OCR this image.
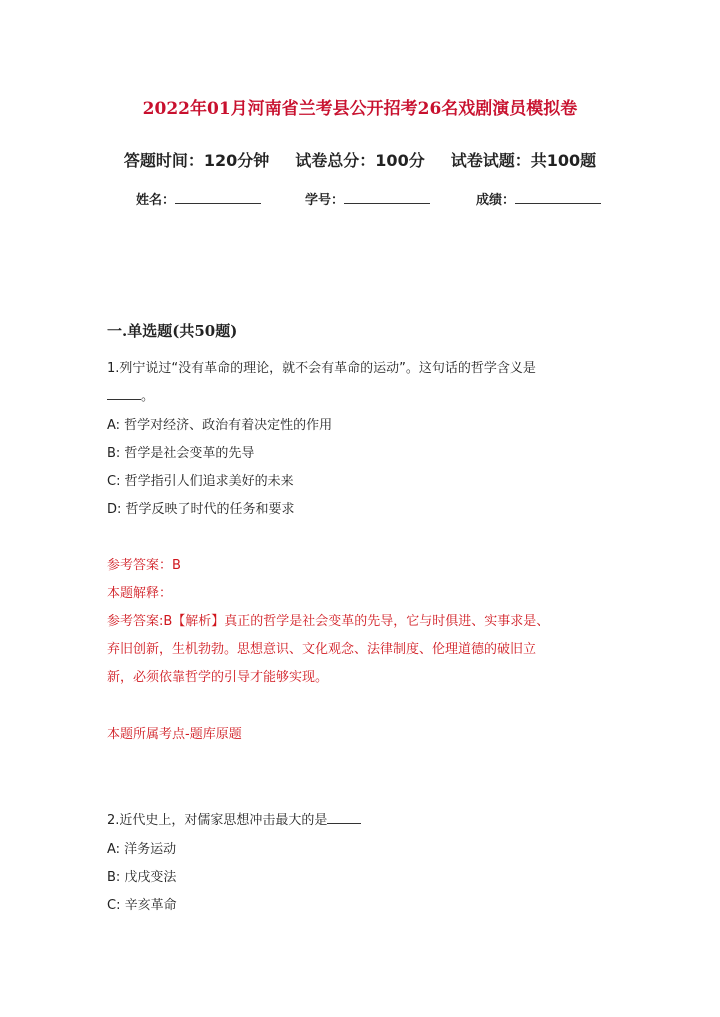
2022年01月河南省兰考县公开招考26名戏剧演员模拟卷
答题时间：120分钟 试卷总分：100分 试卷试题：共100题
姓名：	学号：	成绩：
一.单选题(共50题)
1.列宁说过“没有革命的理论，就不会有革命的运动”。这句话的哲学含义是
。
A: 哲学对经济、政治有着决定性的作用
B: 哲学是社会变革的先导
C: 哲学指引人们追求美好的未来
D: 哲学反映了时代的任务和要求
参考答案：B
本题解释：
参考答案:B【解析】真正的哲学是社会变革的先导，它与时俱进、实事求是、
弃旧创新，生机勃勃。思想意识、文化观念、法律制度、伦理道德的破旧立
新，必须依靠哲学的引导才能够实现。
本题所属考点-题库原题
2.近代史上，对儒家思想冲击最大的是
A: 洋务运动
B: 戊戌变法
C: 辛亥革命
